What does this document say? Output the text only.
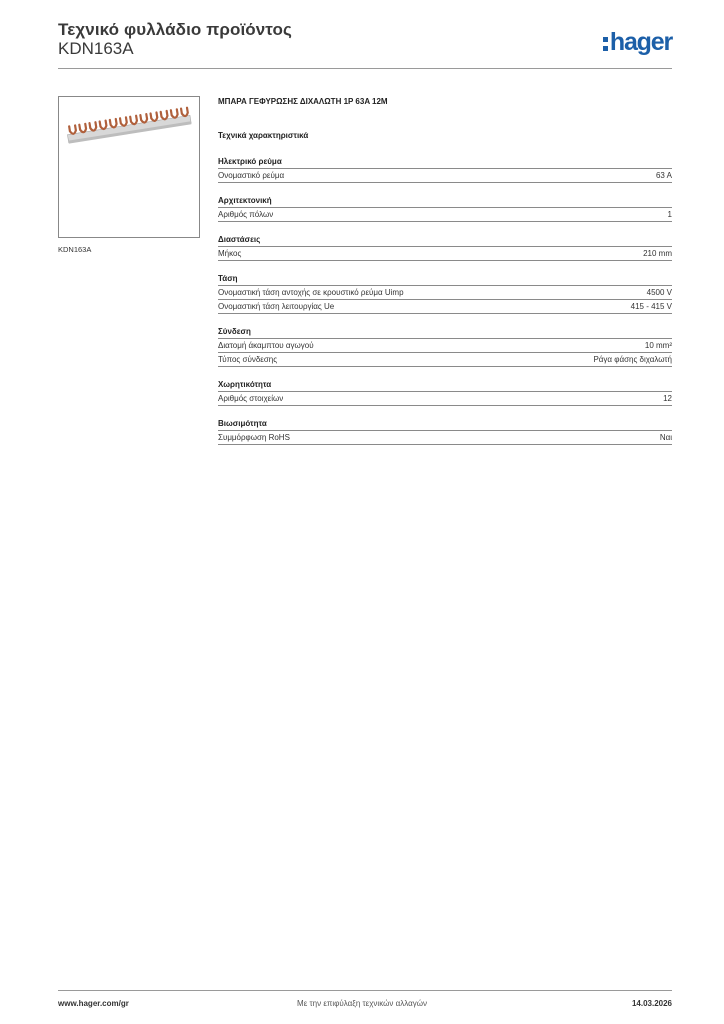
Τεχνικό φυλλάδιο προϊόντος
KDN163A	hager
KDN163A
ΜΠΑΡΑ ΓΕΦΥΡΩΣΗΣ ΔΙΧΑΛΩΤΗ 1P 63A 12M
Τεχνικά χαρακτηριστικά
Ηλεκτρικό ρεύμα
Ονομαστικό ρεύμα	63 A
Αρχιτεκτονική
Αριθμός πόλων	1
Διαστάσεις
Μήκος	210 mm
Τάση
Ονομαστική τάση αντοχής σε κρουστικό ρεύμα Uimp	4500 V
Ονομαστική τάση λειτουργίας Ue	415 - 415 V
Σύνδεση
Διατομή άκαμπτου αγωγού	10 mm²
Τύπος σύνδεσης	Ράγα φάσης διχαλωτή
Χωρητικότητα
Αριθμός στοιχείων	12
Βιωσιμότητα
Συμμόρφωση RoHS	Ναι
www.hager.com/gr	Με την επιφύλαξη τεχνικών αλλαγών	14.03.2026
